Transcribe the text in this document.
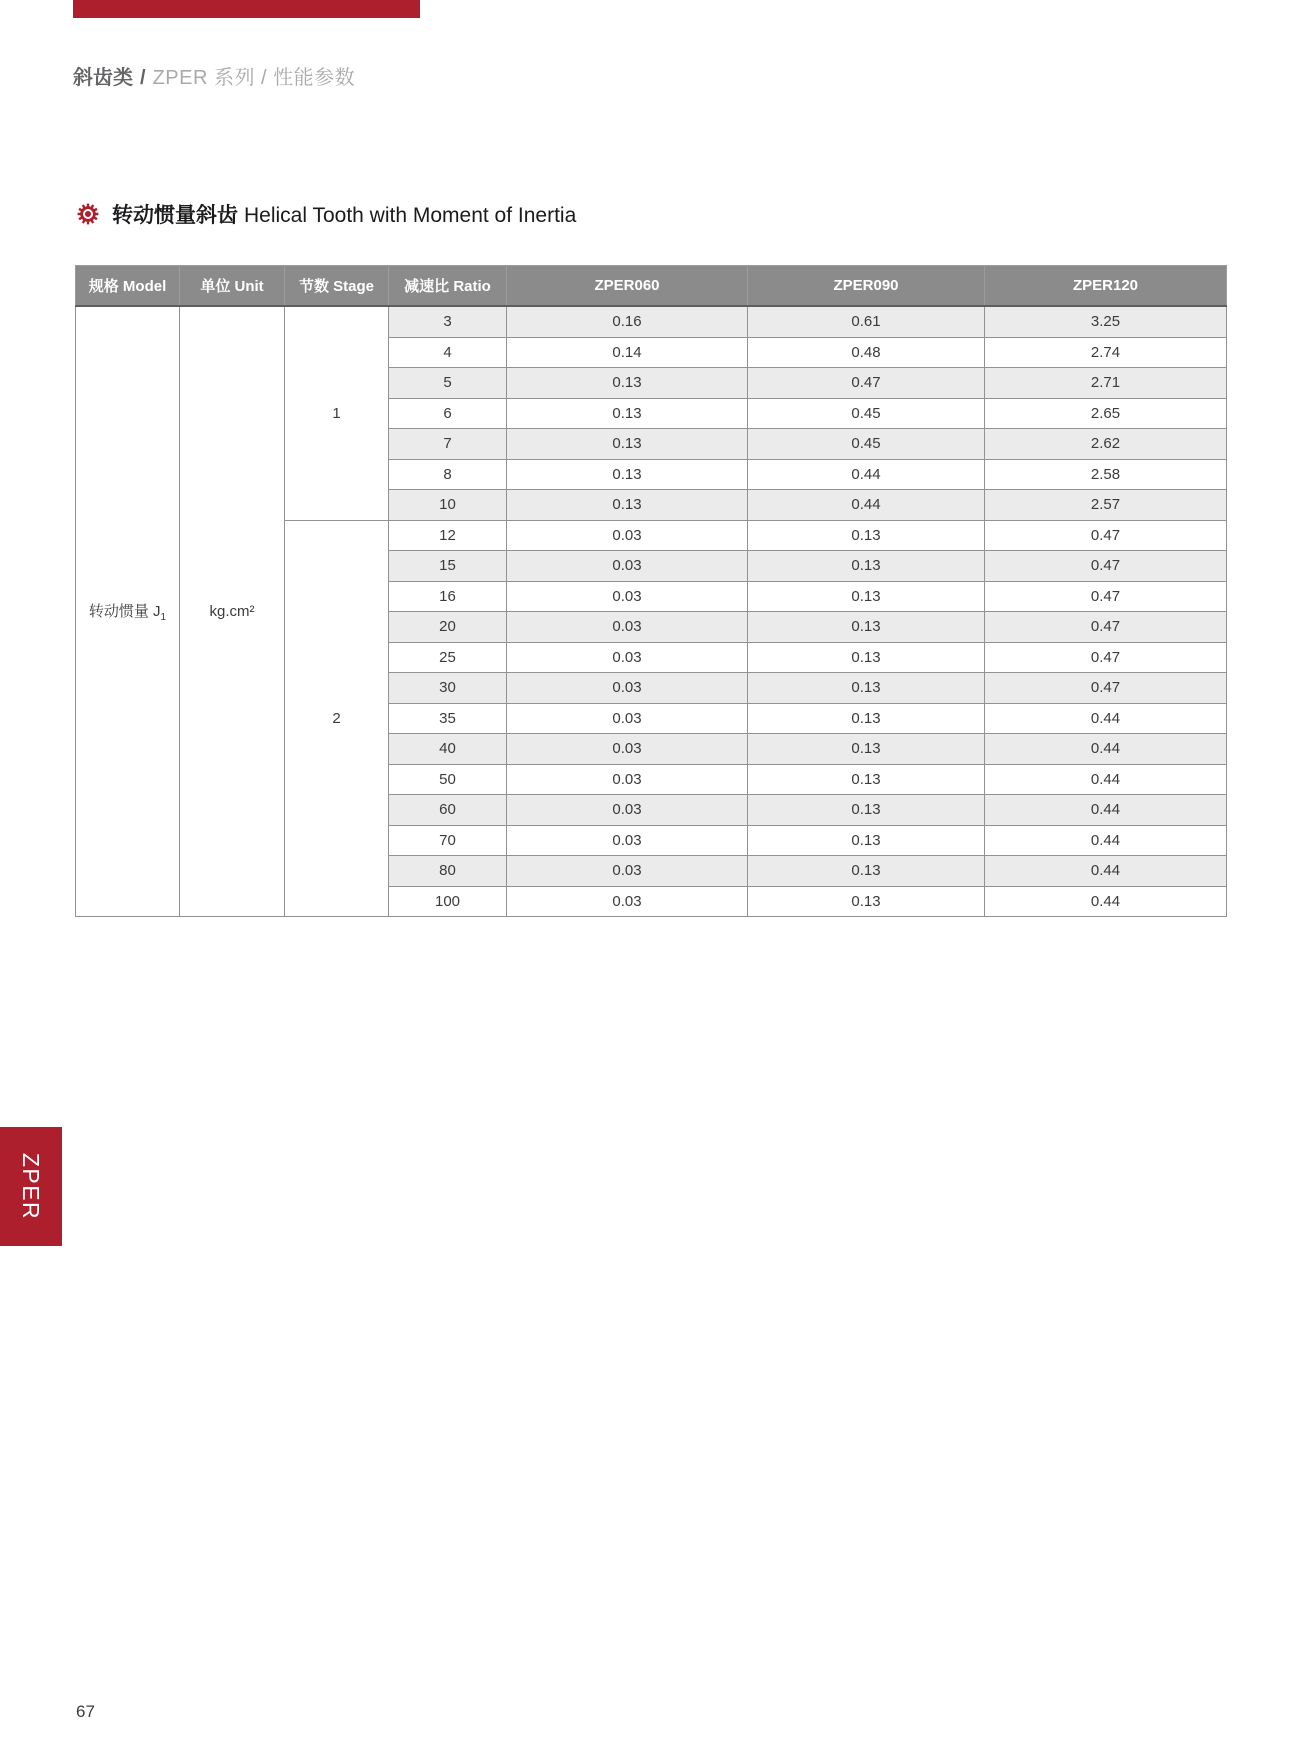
斜齿类 / ZPER 系列 / 性能参数
转动惯量斜齿 Helical Tooth with Moment of Inertia
规格 Model	单位 Unit	节数 Stage	减速比 Ratio	ZPER060	ZPER090	ZPER120
转动惯量 $J_1$	kg.cm²	1	3	0.16	0.61	3.25
			4	0.14	0.48	2.74
			5	0.13	0.47	2.71
			6	0.13	0.45	2.65
			7	0.13	0.45	2.62
			8	0.13	0.44	2.58
			10	0.13	0.44	2.57
		2	12	0.03	0.13	0.47
			15	0.03	0.13	0.47
			16	0.03	0.13	0.47
			20	0.03	0.13	0.47
			25	0.03	0.13	0.47
			30	0.03	0.13	0.47
			35	0.03	0.13	0.44
			40	0.03	0.13	0.44
			50	0.03	0.13	0.44
			60	0.03	0.13	0.44
			70	0.03	0.13	0.44
			80	0.03	0.13	0.44
			100	0.03	0.13	0.44
ZPER
67
